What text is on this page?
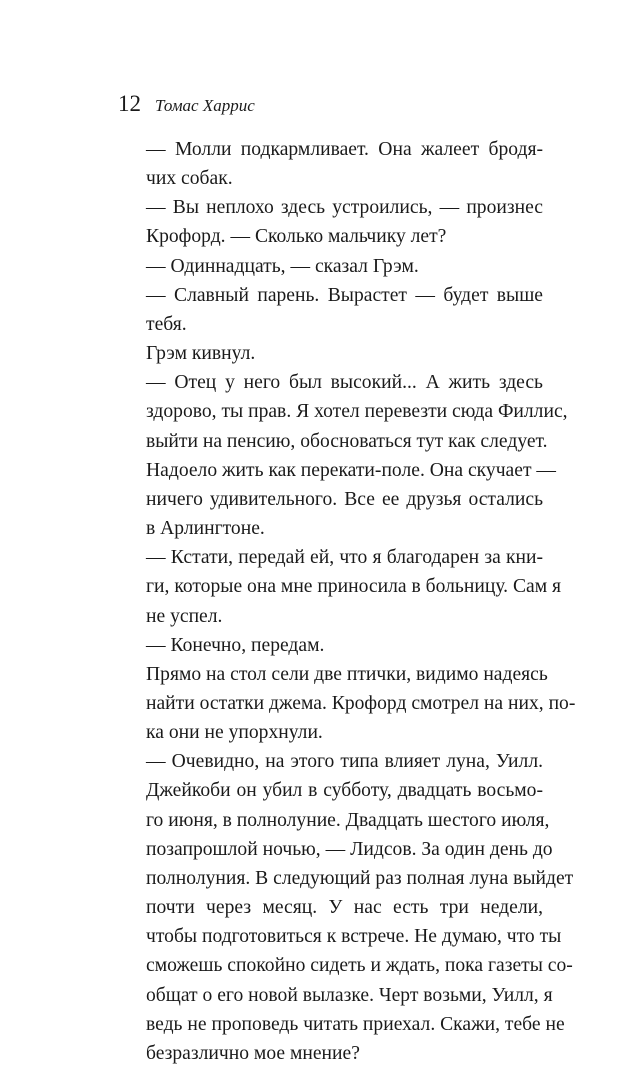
12 Томас Харрис

— Молли подкармливает. Она жалеет бродя-
чих собак.

— Вы неплохо здесь устроились, — произнес
Крофорд. — Сколько мальчику лет?

— Одиннадцать, — сказал Грэм.

— Славный парень. Вырастет — будет выше
тебя.

Грэм кивнул.

— Отец у него был высокий... А жить здесь
здорово, ты прав. Я хотел перевезти сюда Филлис,
выйти на пенсию, обосноваться тут как следует.
Надоело жить как перекати-поле. Она скучает —
ничего удивительного. Все ее друзья остались
в Арлингтоне.

— Кстати, передай ей, что я благодарен за кни-
ги, которые она мне приносила в больницу. Сам я
не успел.

— Конечно, передам.

Прямо на стол сели две птички, видимо надеясь
найти остатки джема. Крофорд смотрел на них, по-
ка они не упорхнули.

— Очевидно, на этого типа влияет луна, Уилл.
Джейкоби он убил в субботу, двадцать восьмо-
го июня, в полнолуние. Двадцать шестого июля,
позапрошлой ночью, — Лидсов. За один день до
полнолуния. В следующий раз полная луна выйдет
почти через месяц. У нас есть три недели,
чтобы подготовиться к встрече. Не думаю, что ты
сможешь спокойно сидеть и ждать, пока газеты со-
общат о его новой вылазке. Черт возьми, Уилл, я
ведь не проповедь читать приехал. Скажи, тебе не
безразлично мое мнение?
